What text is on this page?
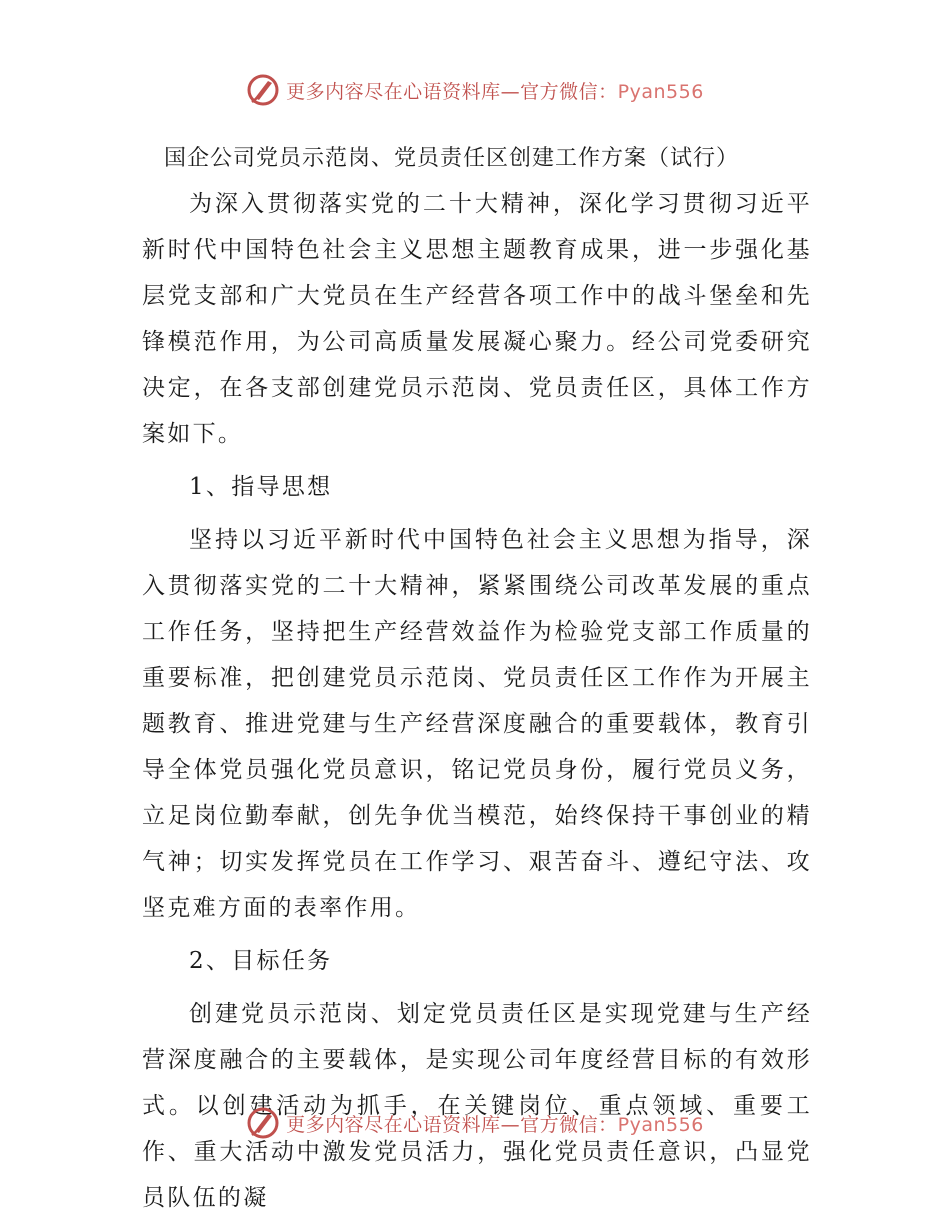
更多内容尽在心语资料库—官方微信：Pyan556
国企公司党员示范岗、党员责任区创建工作方案（试行）

为深入贯彻落实党的二十大精神，深化学习贯彻习近平新时代中国特色社会主义思想主题教育成果，进一步强化基层党支部和广大党员在生产经营各项工作中的战斗堡垒和先锋模范作用，为公司高质量发展凝心聚力。经公司党委研究决定，在各支部创建党员示范岗、党员责任区，具体工作方案如下。

1、指导思想

坚持以习近平新时代中国特色社会主义思想为指导，深入贯彻落实党的二十大精神，紧紧围绕公司改革发展的重点工作任务，坚持把生产经营效益作为检验党支部工作质量的重要标准，把创建党员示范岗、党员责任区工作作为开展主题教育、推进党建与生产经营深度融合的重要载体，教育引导全体党员强化党员意识，铭记党员身份，履行党员义务，立足岗位勤奉献，创先争优当模范，始终保持干事创业的精气神；切实发挥党员在工作学习、艰苦奋斗、遵纪守法、攻坚克难方面的表率作用。

2、目标任务

创建党员示范岗、划定党员责任区是实现党建与生产经营深度融合的主要载体，是实现公司年度经营目标的有效形式。以创建活动为抓手，在关键岗位、重点领域、重要工作、重大活动中激发党员活力，强化党员责任意识，凸显党员队伍的凝

更多内容尽在心语资料库—官方微信：Pyan556
